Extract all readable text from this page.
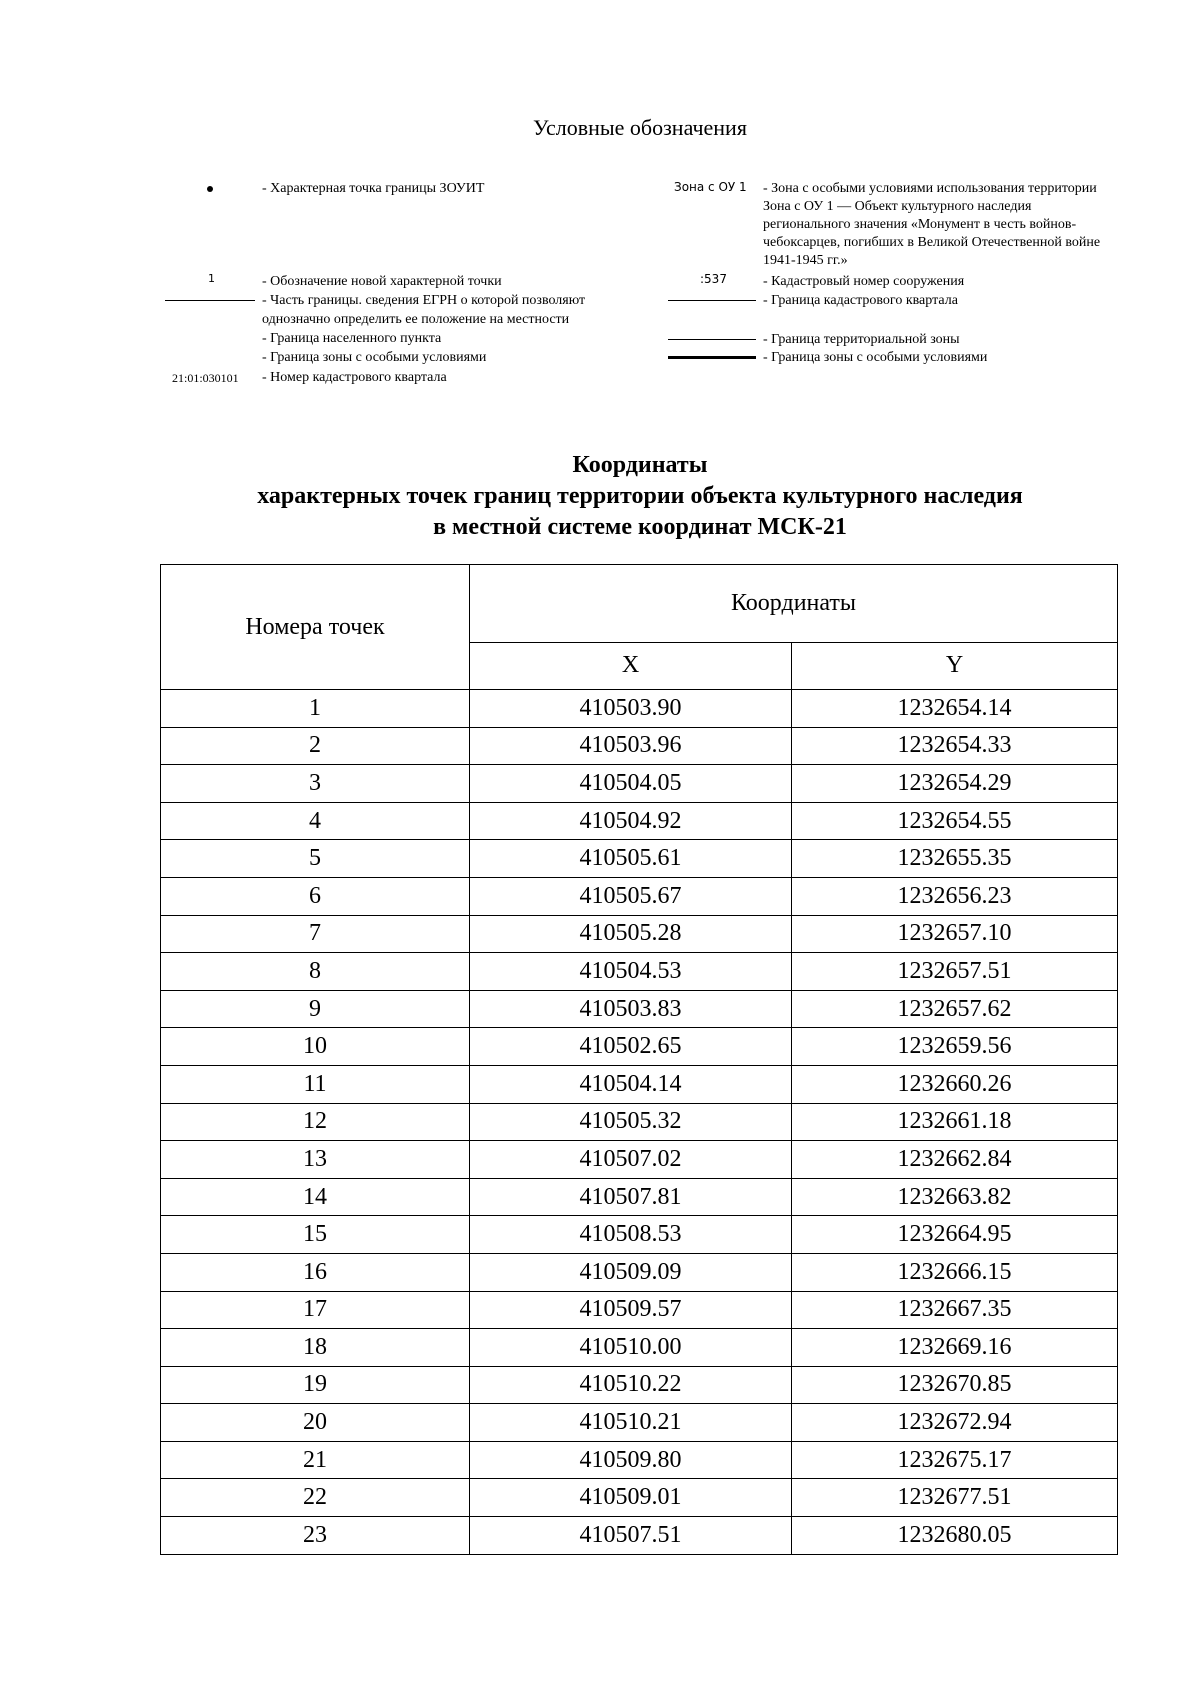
Условные обозначения
- Характерная точка границы ЗОУИТ
1	- Обозначение новой характерной точки
- Часть границы. сведения ЕГРН о которой позволяют
однозначно определить ее положение на местности
- Граница населенного пункта
- Граница зоны с особыми условиями
21:01:030101 - Номер кадастрового квартала
Зона с ОУ 1 - Зона с особыми условиями использования территории
Зона с ОУ 1 — Объект культурного наследия
регионального значения «Монумент в честь войнов-
чебоксарцев, погибших в Великой Отечественной войне
1941-1945 гг.»
:537	- Кадастровый номер сооружения
- Граница кадастрового квартала
- Граница территориальной зоны
- Граница зоны с особыми условиями
Координаты
характерных точек границ территории объекта культурного наследия
в местной системе координат МСК-21
Номера точек	Координаты	
	X	Y
1	410503.90	1232654.14
2	410503.96	1232654.33
3	410504.05	1232654.29
4	410504.92	1232654.55
5	410505.61	1232655.35
6	410505.67	1232656.23
7	410505.28	1232657.10
8	410504.53	1232657.51
9	410503.83	1232657.62
10	410502.65	1232659.56
11	410504.14	1232660.26
12	410505.32	1232661.18
13	410507.02	1232662.84
14	410507.81	1232663.82
15	410508.53	1232664.95
16	410509.09	1232666.15
17	410509.57	1232667.35
18	410510.00	1232669.16
19	410510.22	1232670.85
20	410510.21	1232672.94
21	410509.80	1232675.17
22	410509.01	1232677.51
23	410507.51	1232680.05
